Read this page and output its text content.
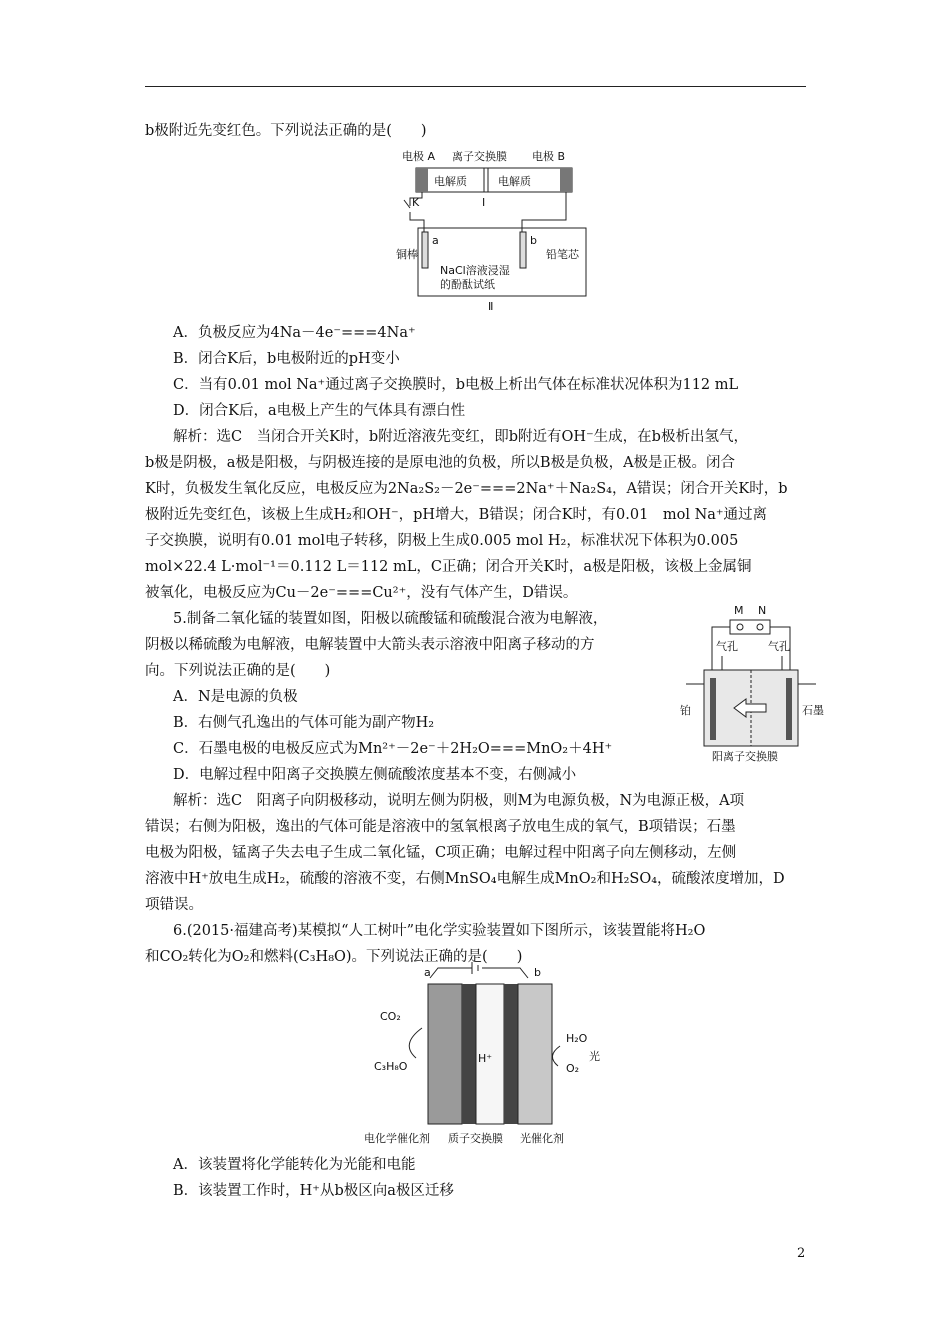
b极附近先变红色。下列说法正确的是(　　)
电极 A 离子交换膜 电极 B
电解质	电解质
Ⅰ
K
a	b
铜棒	铅笔芯
NaCl溶液浸湿
的酚酞试纸
Ⅱ
A．负极反应为4Na－4e⁻===4Na⁺
B．闭合K后，b电极附近的pH变小
C．当有0.01 mol Na⁺通过离子交换膜时，b电极上析出气体在标准状况体积为112 mL
D．闭合K后，a电极上产生的气体具有漂白性
解析：选C　当闭合开关K时，b附近溶液先变红，即b附近有OH⁻生成，在b极析出氢气，
b极是阴极，a极是阳极，与阴极连接的是原电池的负极，所以B极是负极，A极是正极。闭合
K时，负极发生氧化反应，电极反应为2Na₂S₂－2e⁻===2Na⁺＋Na₂S₄，A错误；闭合开关K时，b
极附近先变红色，该极上生成H₂和OH⁻，pH增大，B错误；闭合K时，有0.01　mol Na⁺通过离
子交换膜，说明有0.01 mol电子转移，阴极上生成0.005 mol H₂，标准状况下体积为0.005
mol×22.4 L·mol⁻¹＝0.112 L＝112 mL，C正确；闭合开关K时，a极是阳极，该极上金属铜
被氧化，电极反应为Cu－2e⁻===Cu²⁺，没有气体产生，D错误。
5.制备二氧化锰的装置如图，阳极以硫酸锰和硫酸混合液为电解液，
阴极以稀硫酸为电解液，电解装置中大箭头表示溶液中阳离子移动的方
向。下列说法正确的是(　　)
A．N是电源的负极
B．右侧气孔逸出的气体可能为副产物H₂
C．石墨电极的电极反应式为Mn²⁺－2e⁻＋2H₂O===MnO₂＋4H⁺
D．电解过程中阳离子交换膜左侧硫酸浓度基本不变，右侧减小
M N
气孔	气孔
铂	石墨
阳离子交换膜
解析：选C　阳离子向阴极移动，说明左侧为阴极，则M为电源负极，N为电源正极，A项
错误；右侧为阳极，逸出的气体可能是溶液中的氢氧根离子放电生成的氧气，B项错误；石墨
电极为阳极，锰离子失去电子生成二氧化锰，C项正确；电解过程中阳离子向左侧移动，左侧
溶液中H⁺放电生成H₂，硫酸的溶液不变，右侧MnSO₄电解生成MnO₂和H₂SO₄，硫酸浓度增加，D
项错误。
6.(2015·福建高考)某模拟“人工树叶”电化学实验装置如下图所示，该装置能将H₂O
和CO₂转化为O₂和燃料(C₃H₈O)。下列说法正确的是(　　)
a	b
H⁺
CO₂
C₃H₈O
H₂O
O₂
光
电化学催化剂 质子交换膜 光催化剂
A．该装置将化学能转化为光能和电能
B．该装置工作时，H⁺从b极区向a极区迁移
2
